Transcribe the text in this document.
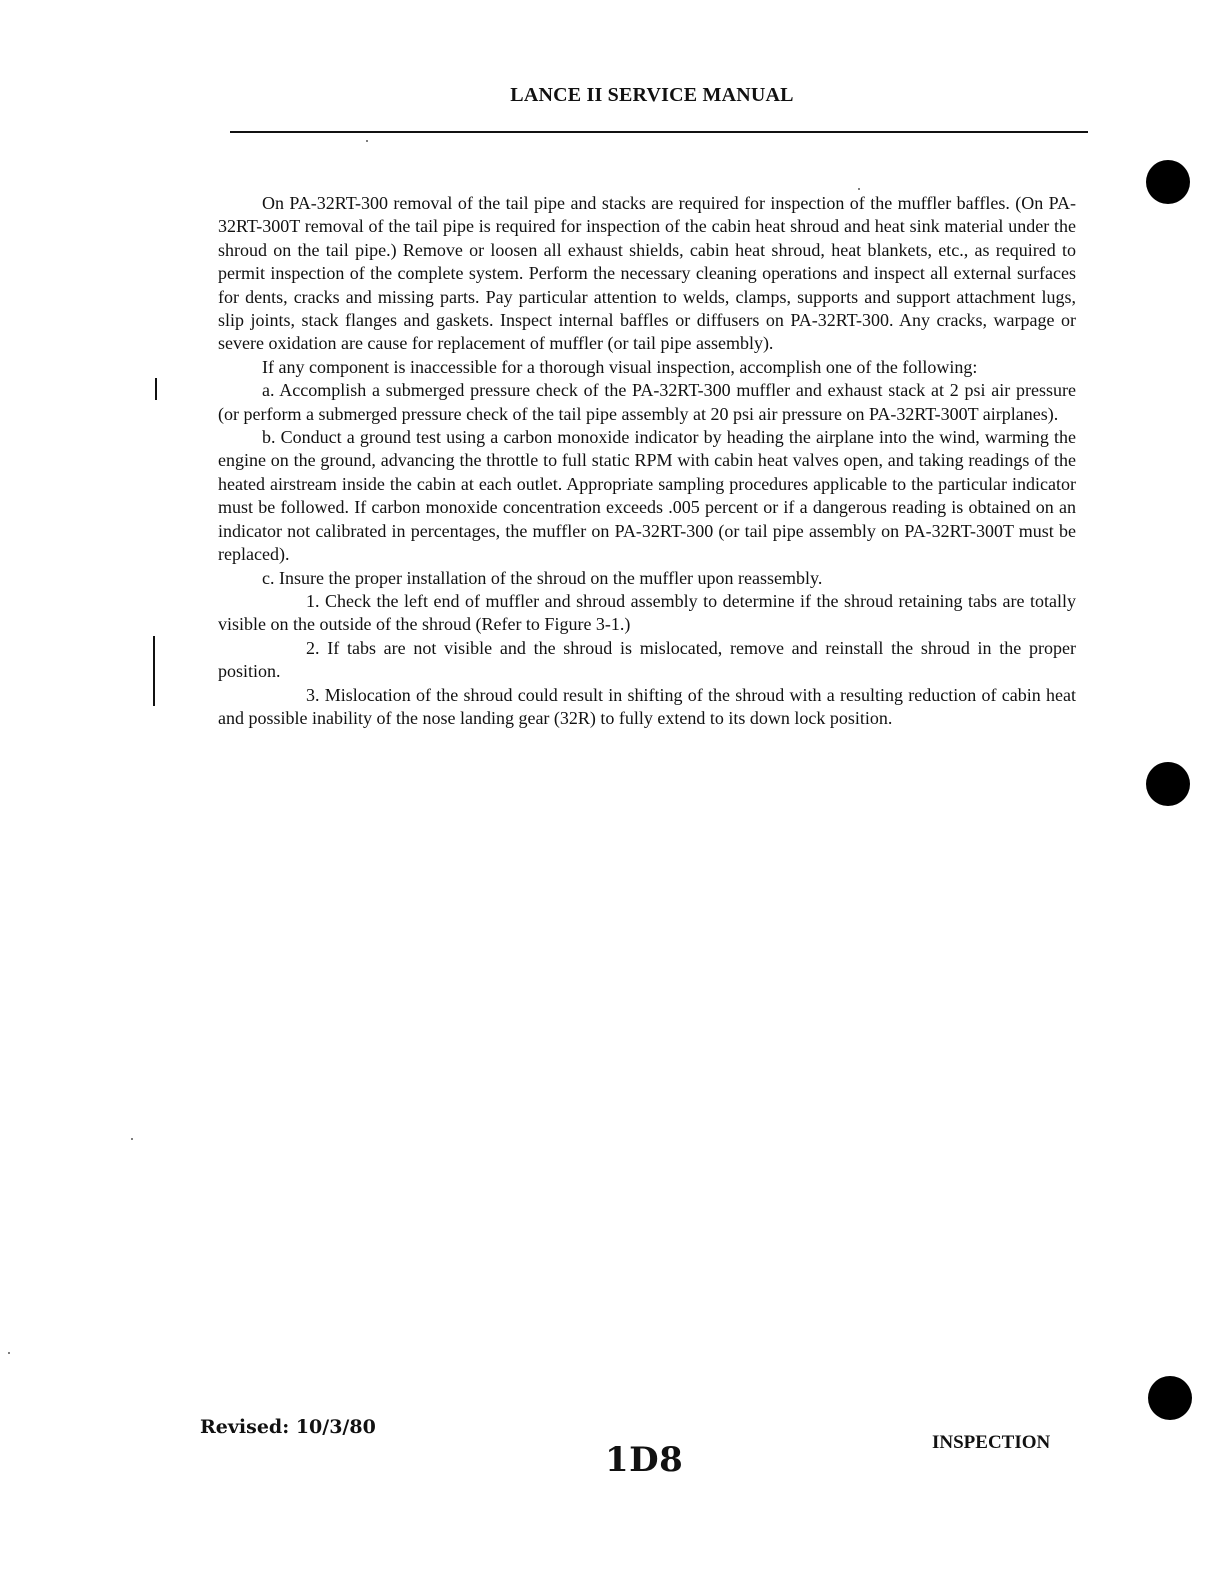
LANCE II SERVICE MANUAL

On PA-32RT-300 removal of the tail pipe and stacks are required for inspection of the muffler baffles. (On PA-32RT-300T removal of the tail pipe is required for inspection of the cabin heat shroud and heat sink material under the shroud on the tail pipe.) Remove or loosen all exhaust shields, cabin heat shroud, heat blankets, etc., as required to permit inspection of the complete system. Perform the necessary cleaning operations and inspect all external surfaces for dents, cracks and missing parts. Pay particular attention to welds, clamps, supports and support attachment lugs, slip joints, stack flanges and gaskets. Inspect internal baffles or diffusers on PA-32RT-300. Any cracks, warpage or severe oxidation are cause for replacement of muffler (or tail pipe assembly).

If any component is inaccessible for a thorough visual inspection, accomplish one of the following:

a. Accomplish a submerged pressure check of the PA-32RT-300 muffler and exhaust stack at 2 psi air pressure (or perform a submerged pressure check of the tail pipe assembly at 20 psi air pressure on PA-32RT-300T airplanes).

b. Conduct a ground test using a carbon monoxide indicator by heading the airplane into the wind, warming the engine on the ground, advancing the throttle to full static RPM with cabin heat valves open, and taking readings of the heated airstream inside the cabin at each outlet. Appropriate sampling procedures applicable to the particular indicator must be followed. If carbon monoxide concentration exceeds .005 percent or if a dangerous reading is obtained on an indicator not calibrated in percentages, the muffler on PA-32RT-300 (or tail pipe assembly on PA-32RT-300T must be replaced).

c. Insure the proper installation of the shroud on the muffler upon reassembly.

1. Check the left end of muffler and shroud assembly to determine if the shroud retaining tabs are totally visible on the outside of the shroud (Refer to Figure 3-1.)

2. If tabs are not visible and the shroud is mislocated, remove and reinstall the shroud in the proper position.

3. Mislocation of the shroud could result in shifting of the shroud with a resulting reduction of cabin heat and possible inability of the nose landing gear (32R) to fully extend to its down lock position.

Revised: 10/3/80
1D8	INSPECTION
